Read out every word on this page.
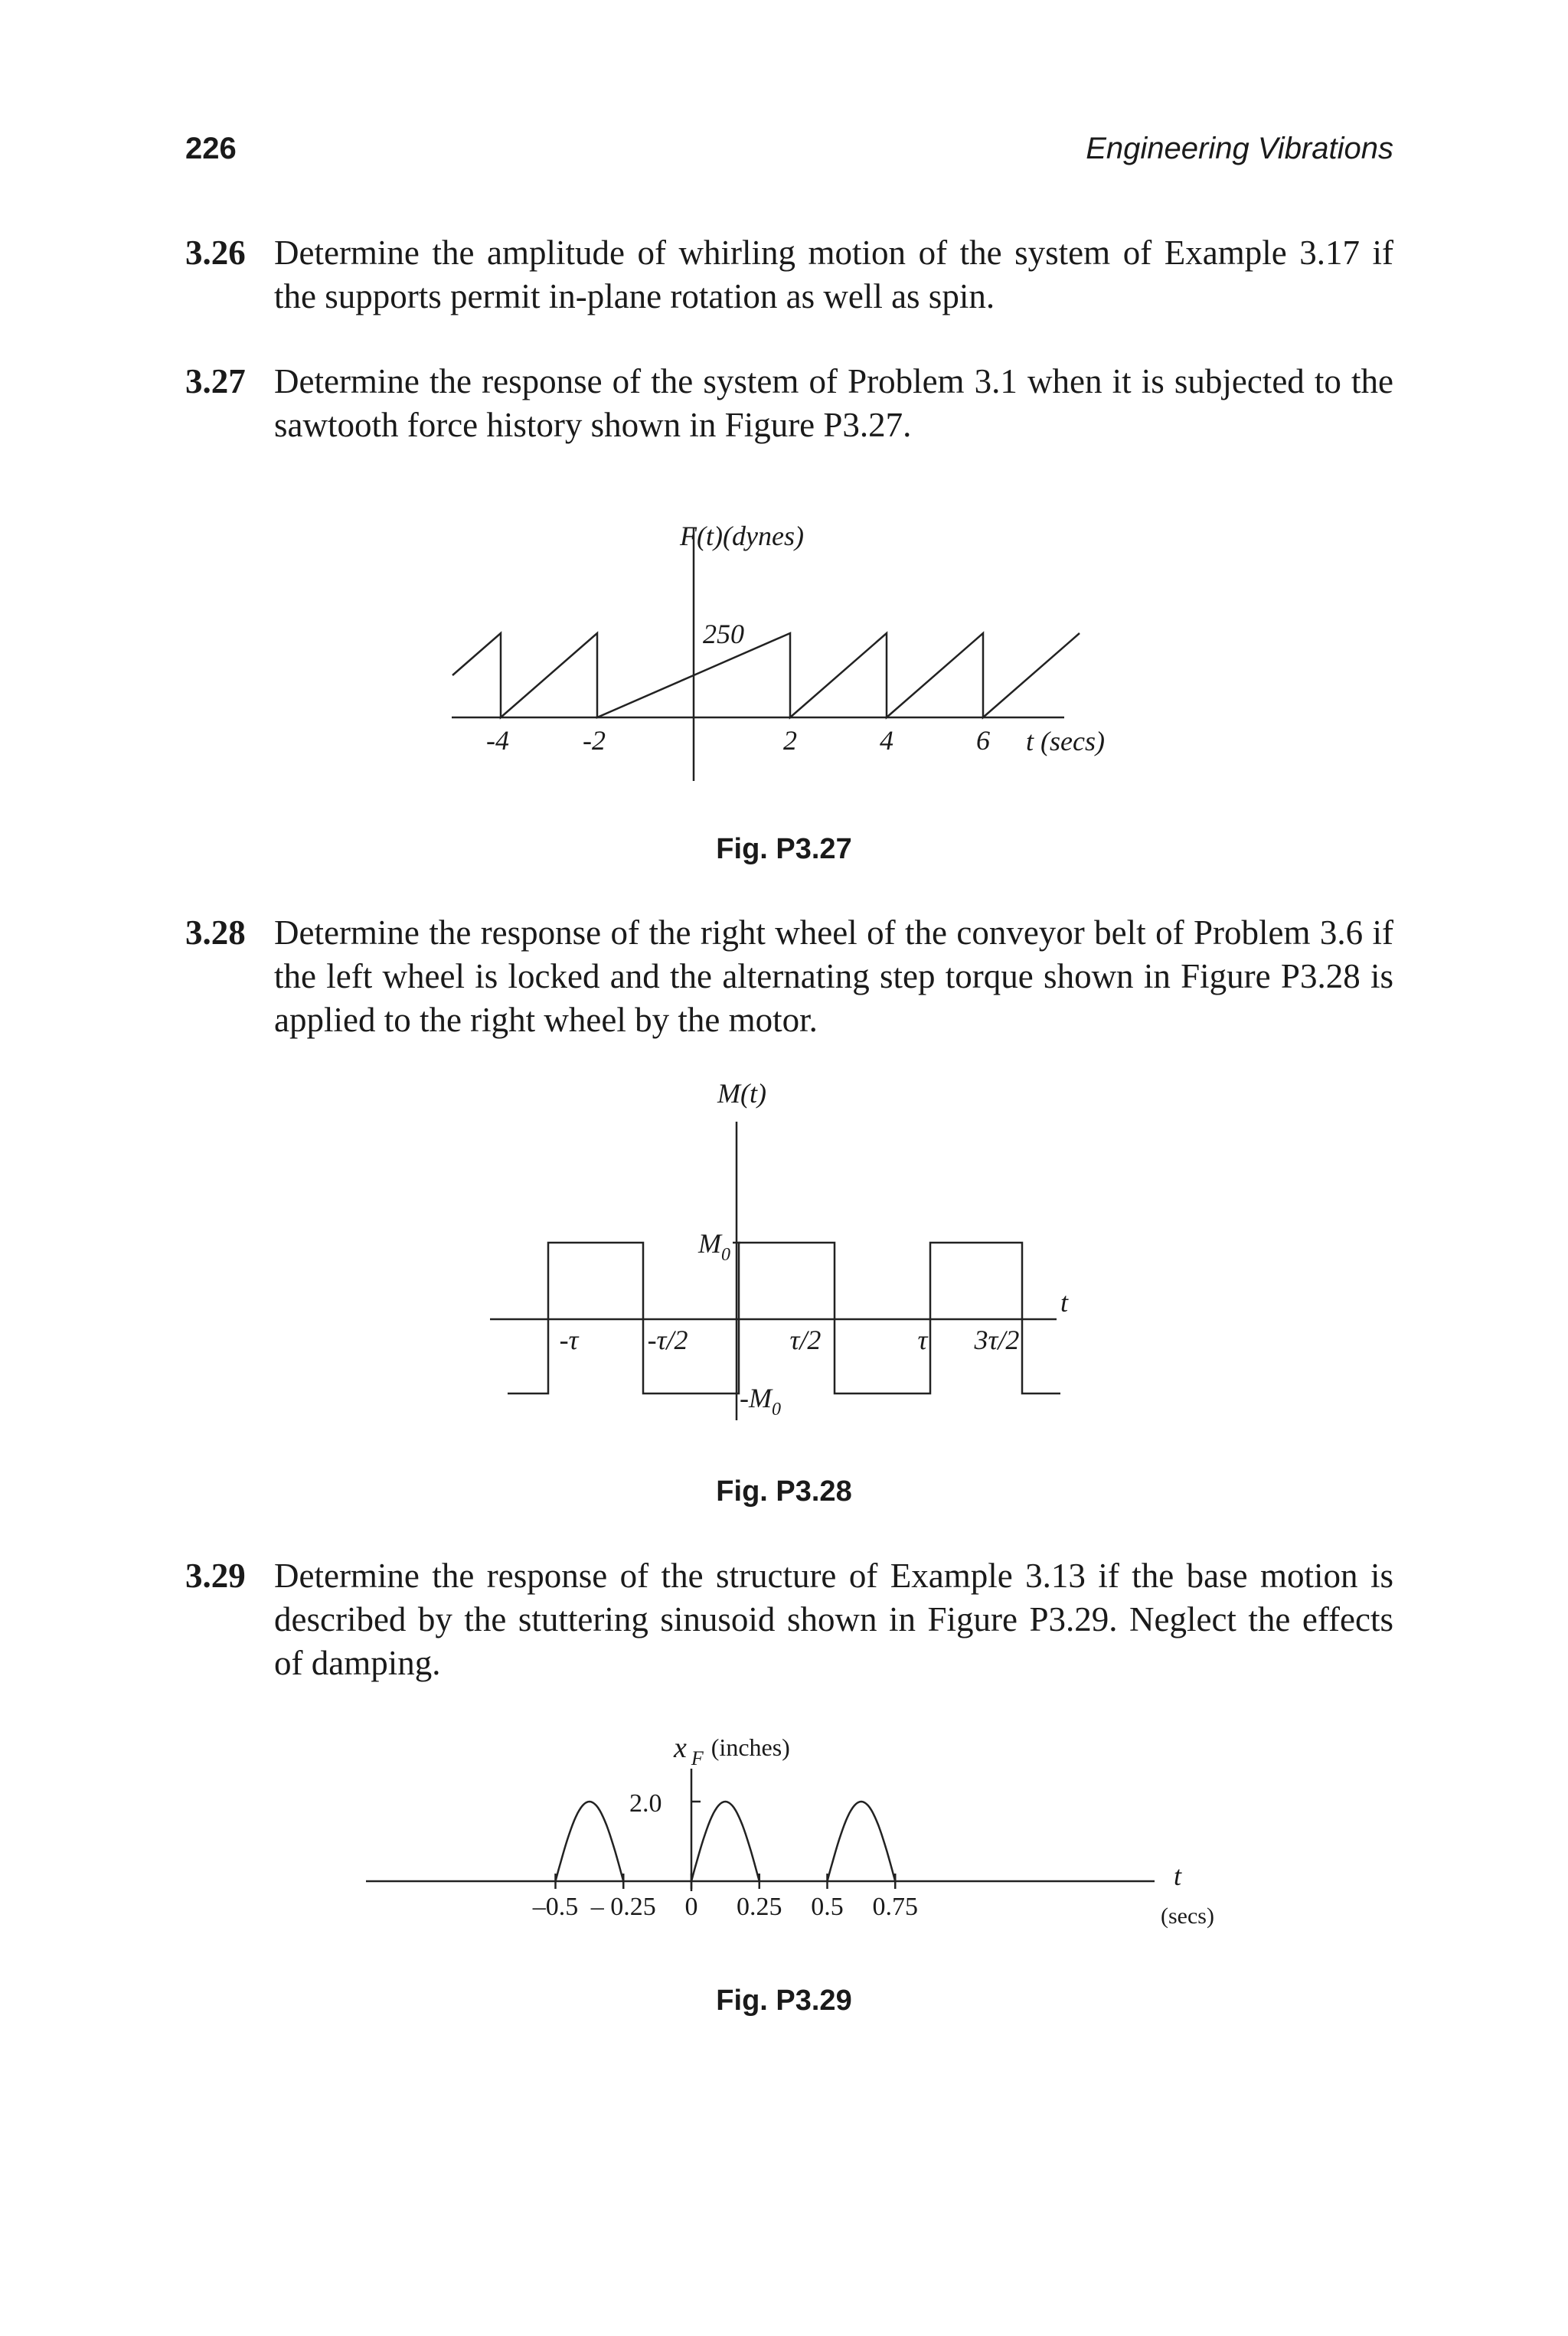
226	Engineering Vibrations
3.26 Determine the amplitude of whirling motion of the system of Example 3.17 if the supports permit in-plane rotation as well as spin.
3.27 Determine the response of the system of Problem 3.1 when it is subjected to the sawtooth force history shown in Figure P3.27.
F(t)(dynes)
250
-4	-2	2	4	6 t (secs)
Fig. P3.27
3.28 Determine the response of the right wheel of the conveyor belt of Problem 3.6 if the left wheel is locked and the alternating step torque shown in Figure P3.28 is applied to the right wheel by the motor.
M(t)
$M_0$
$-M_0$
-τ	-τ/2	τ/2	τ 3τ/2
t
Fig. P3.28
3.29 Determine the response of the structure of Example 3.13 if the base motion is described by the stuttering sinusoid shown in Figure P3.29. Neglect the effects of damping.
x F (inches)
2.0
–0.5 – 0.25 0 0.25 0.5 0.75
t
(secs)
Fig. P3.29
